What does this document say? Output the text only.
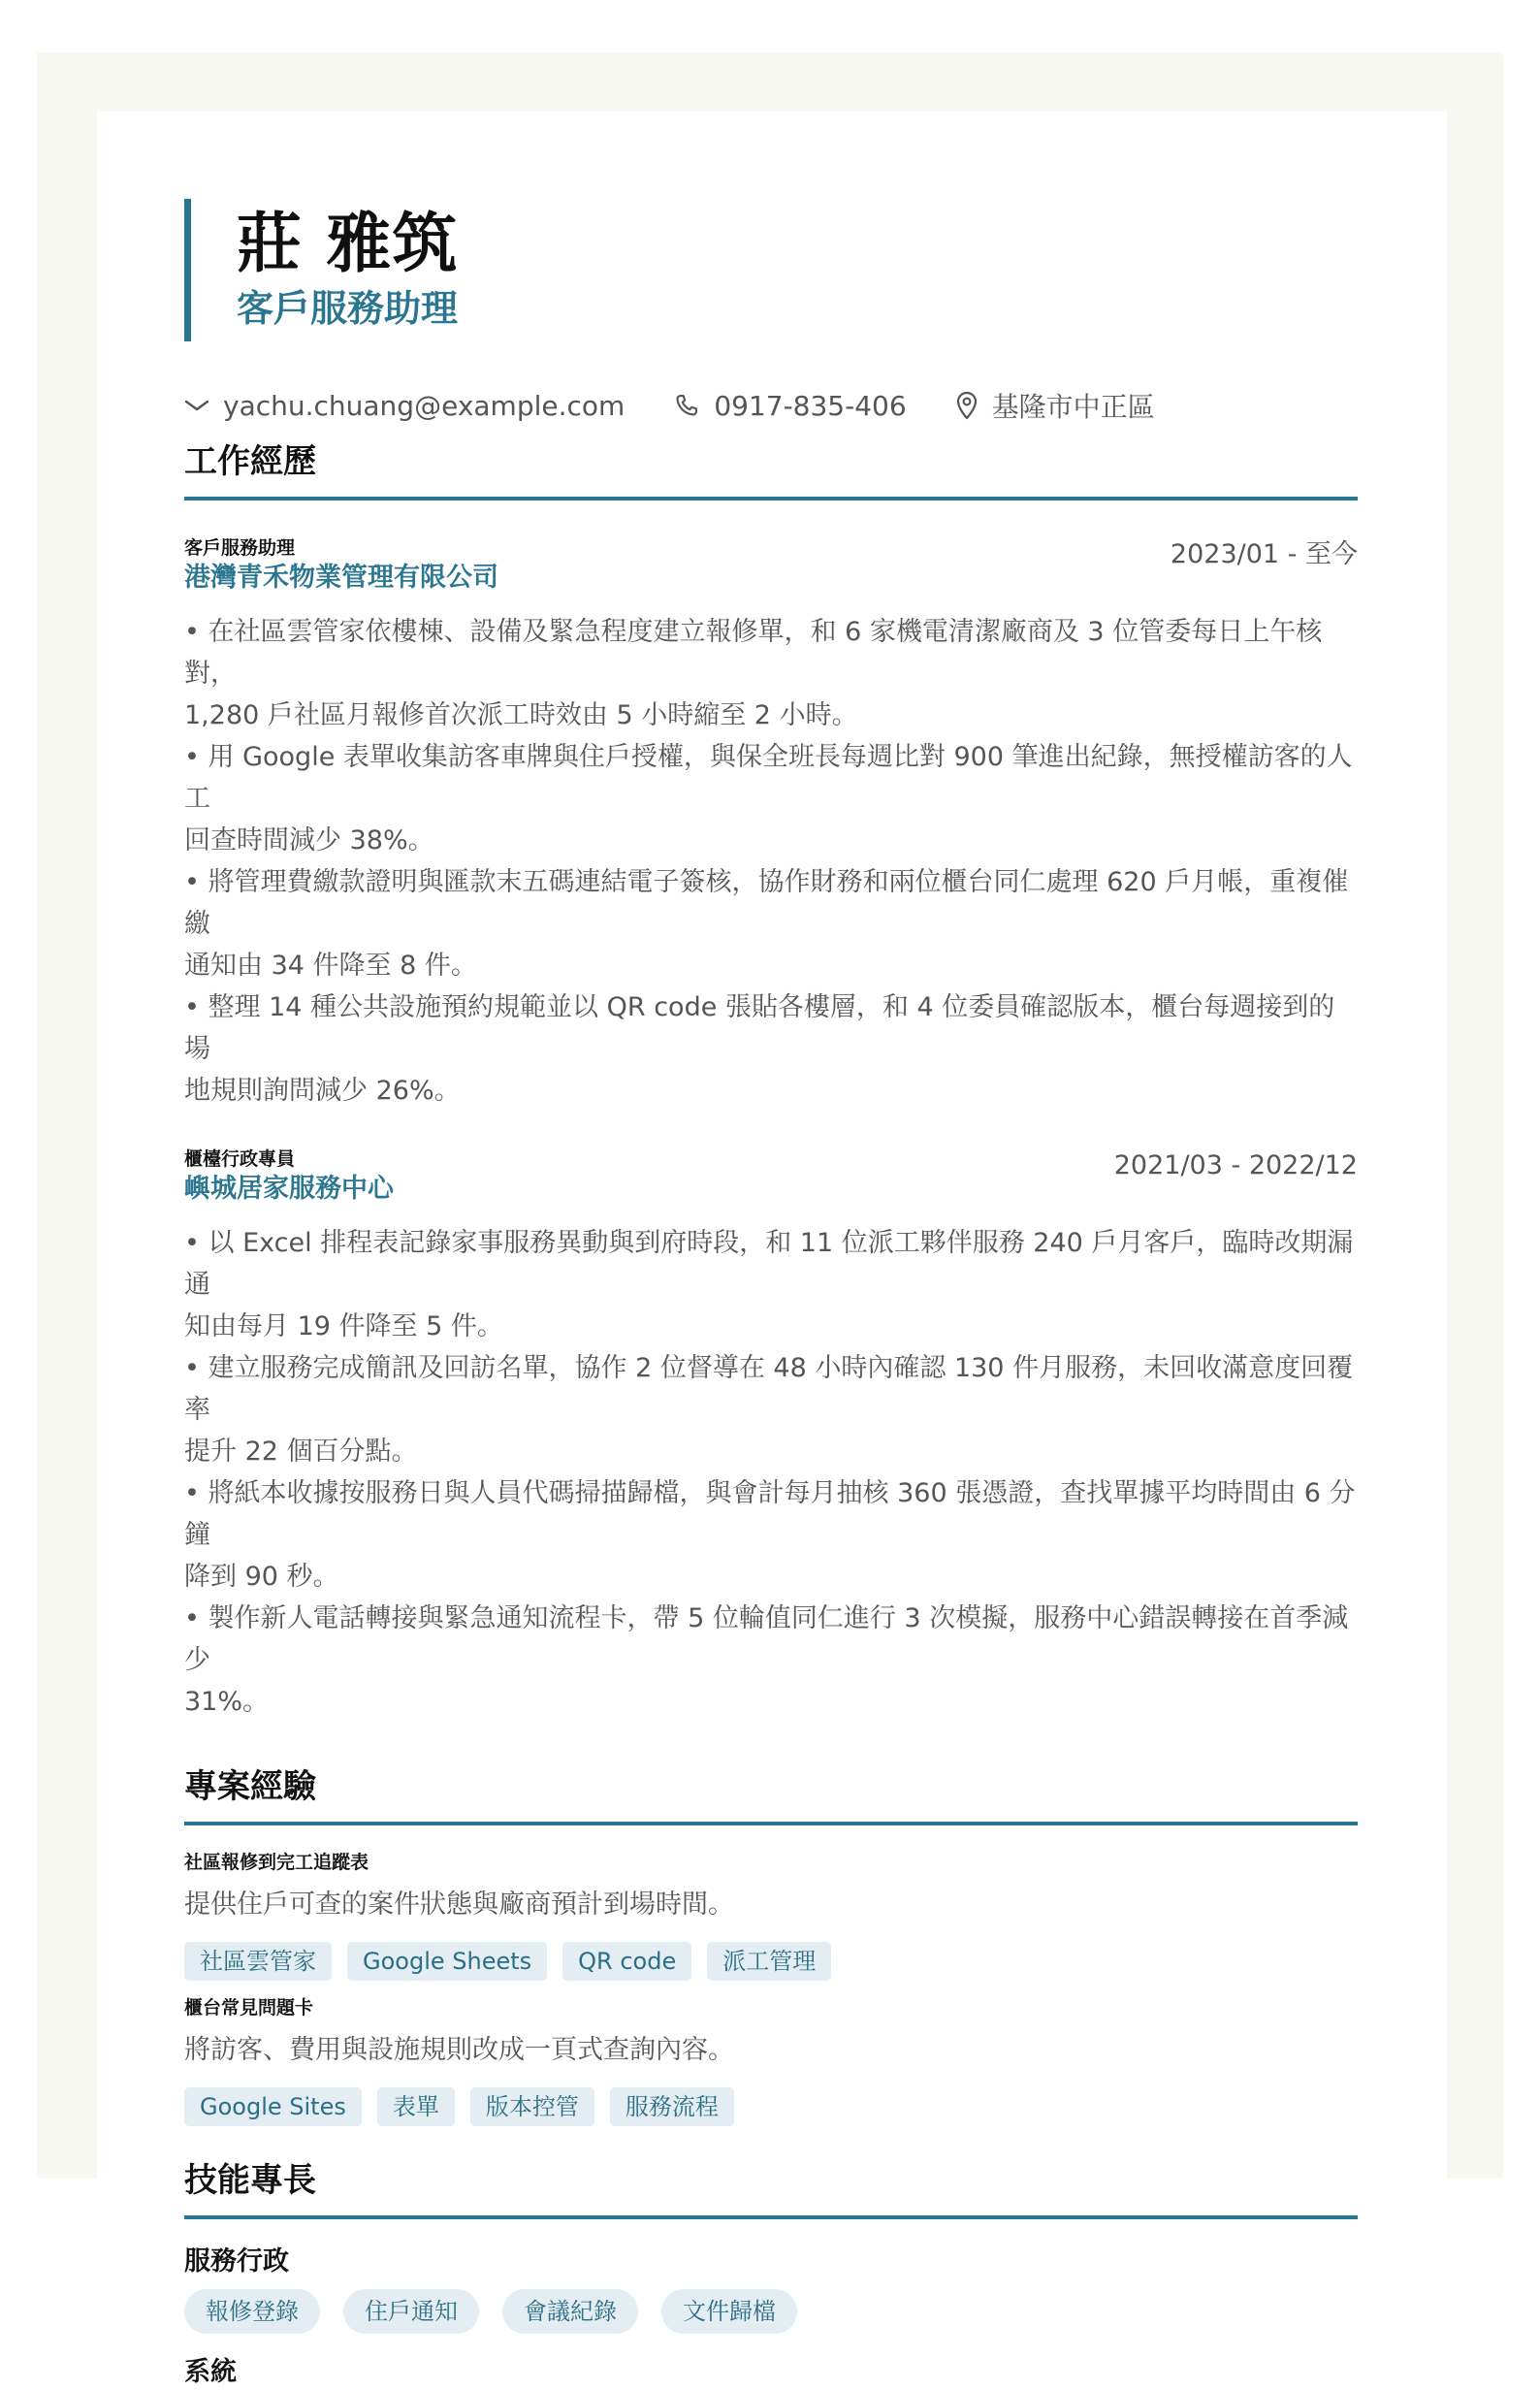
莊 雅筑
客戶服務助理
yachu.chuang@example.com	0917-835-406	基隆市中正區
工作經歷
客戶服務助理
港灣青禾物業管理有限公司
2023/01 - 至今
• 在社區雲管家依樓棟、設備及緊急程度建立報修單，和 6 家機電清潔廠商及 3 位管委每日上午核對，
1,280 戶社區月報修首次派工時效由 5 小時縮至 2 小時。
• 用 Google 表單收集訪客車牌與住戶授權，與保全班長每週比對 900 筆進出紀錄，無授權訪客的人工
回查時間減少 38%。
• 將管理費繳款證明與匯款末五碼連結電子簽核，協作財務和兩位櫃台同仁處理 620 戶月帳，重複催繳
通知由 34 件降至 8 件。
• 整理 14 種公共設施預約規範並以 QR code 張貼各樓層，和 4 位委員確認版本，櫃台每週接到的場
地規則詢問減少 26%。
櫃檯行政專員
嶼城居家服務中心
2021/03 - 2022/12
• 以 Excel 排程表記錄家事服務異動與到府時段，和 11 位派工夥伴服務 240 戶月客戶，臨時改期漏通
知由每月 19 件降至 5 件。
• 建立服務完成簡訊及回訪名單，協作 2 位督導在 48 小時內確認 130 件月服務，未回收滿意度回覆率
提升 22 個百分點。
• 將紙本收據按服務日與人員代碼掃描歸檔，與會計每月抽核 360 張憑證，查找單據平均時間由 6 分鐘
降到 90 秒。
• 製作新人電話轉接與緊急通知流程卡，帶 5 位輪值同仁進行 3 次模擬，服務中心錯誤轉接在首季減少
31%。
專案經驗
社區報修到完工追蹤表
提供住戶可查的案件狀態與廠商預計到場時間。
社區雲管家	Google Sheets	QR code	派工管理
櫃台常見問題卡
將訪客、費用與設施規則改成一頁式查詢內容。
Google Sites	表單	版本控管	服務流程
技能專長
服務行政
報修登錄	住戶通知	會議紀錄	文件歸檔
系統
